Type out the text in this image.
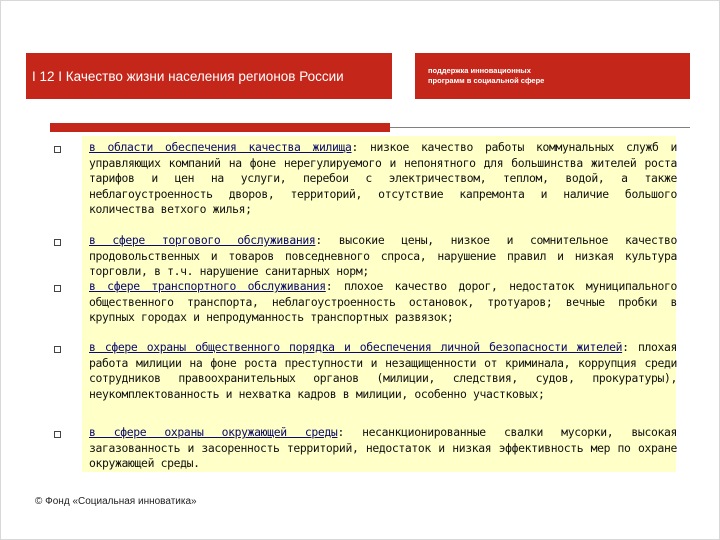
I 12 I Качество жизни населения регионов России	поддержка инновационных
программ в социальной сфере
в области обеспечения качества жилища: низкое качество работы коммунальных служб и управляющих компаний на фоне нерегулируемого и непонятного для большинства жителей роста тарифов и цен на услуги, перебои с электричеством, теплом, водой, а также неблагоустроенность дворов, территорий, отсутствие капремонта и наличие большого количества ветхого жилья;
в сфере торгового обслуживания: высокие цены, низкое и сомнительное качество продовольственных и товаров повседневного спроса, нарушение правил и низкая культура торговли, в т.ч. нарушение санитарных норм;
в сфере транспортного обслуживания: плохое качество дорог, недостаток муниципального общественного транспорта, неблагоустроенность остановок, тротуаров; вечные пробки в крупных городах и непродуманность транспортных развязок;
в сфере охраны общественного порядка и обеспечения личной безопасности жителей: плохая работа милиции на фоне роста преступности и незащищенности от криминала, коррупция среди сотрудников правоохранительных органов (милиции, следствия, судов, прокуратуры), неукомплектованность и нехватка кадров в милиции, особенно участковых;
в сфере охраны окружающей среды: несанкционированные свалки мусорки, высокая загазованность и засоренность территорий, недостаток и низкая эффективность мер по охране окружающей среды.
© Фонд «Социальная инноватика»
